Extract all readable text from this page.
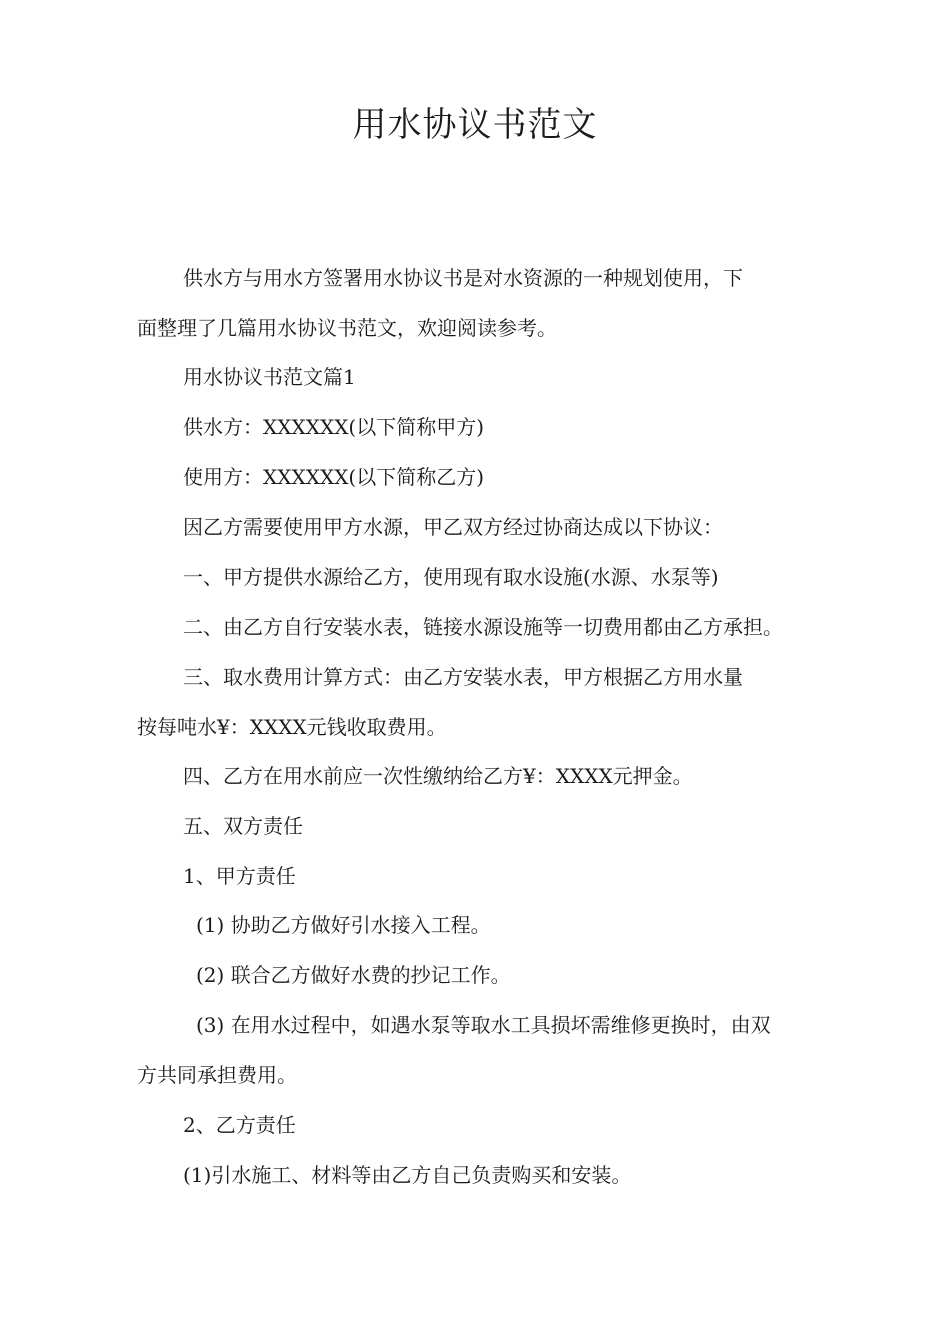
用水协议书范文
供水方与用水方签署用水协议书是对水资源的一种规划使用，下
面整理了几篇用水协议书范文，欢迎阅读参考。
用水协议书范文篇1
供水方：XXXXXX(以下简称甲方)
使用方：XXXXXX(以下简称乙方)
因乙方需要使用甲方水源，甲乙双方经过协商达成以下协议：
一、甲方提供水源给乙方，使用现有取水设施(水源、水泵等)
二、由乙方自行安装水表，链接水源设施等一切费用都由乙方承担。
三、取水费用计算方式：由乙方安装水表，甲方根据乙方用水量
按每吨水¥：XXXX元钱收取费用。
四、乙方在用水前应一次性缴纳给乙方¥：XXXX元押金。
五、双方责任
1、甲方责任
(1) 协助乙方做好引水接入工程。
(2) 联合乙方做好水费的抄记工作。
(3) 在用水过程中，如遇水泵等取水工具损坏需维修更换时，由双
方共同承担费用。
2、乙方责任
(1)引水施工、材料等由乙方自己负责购买和安装。
